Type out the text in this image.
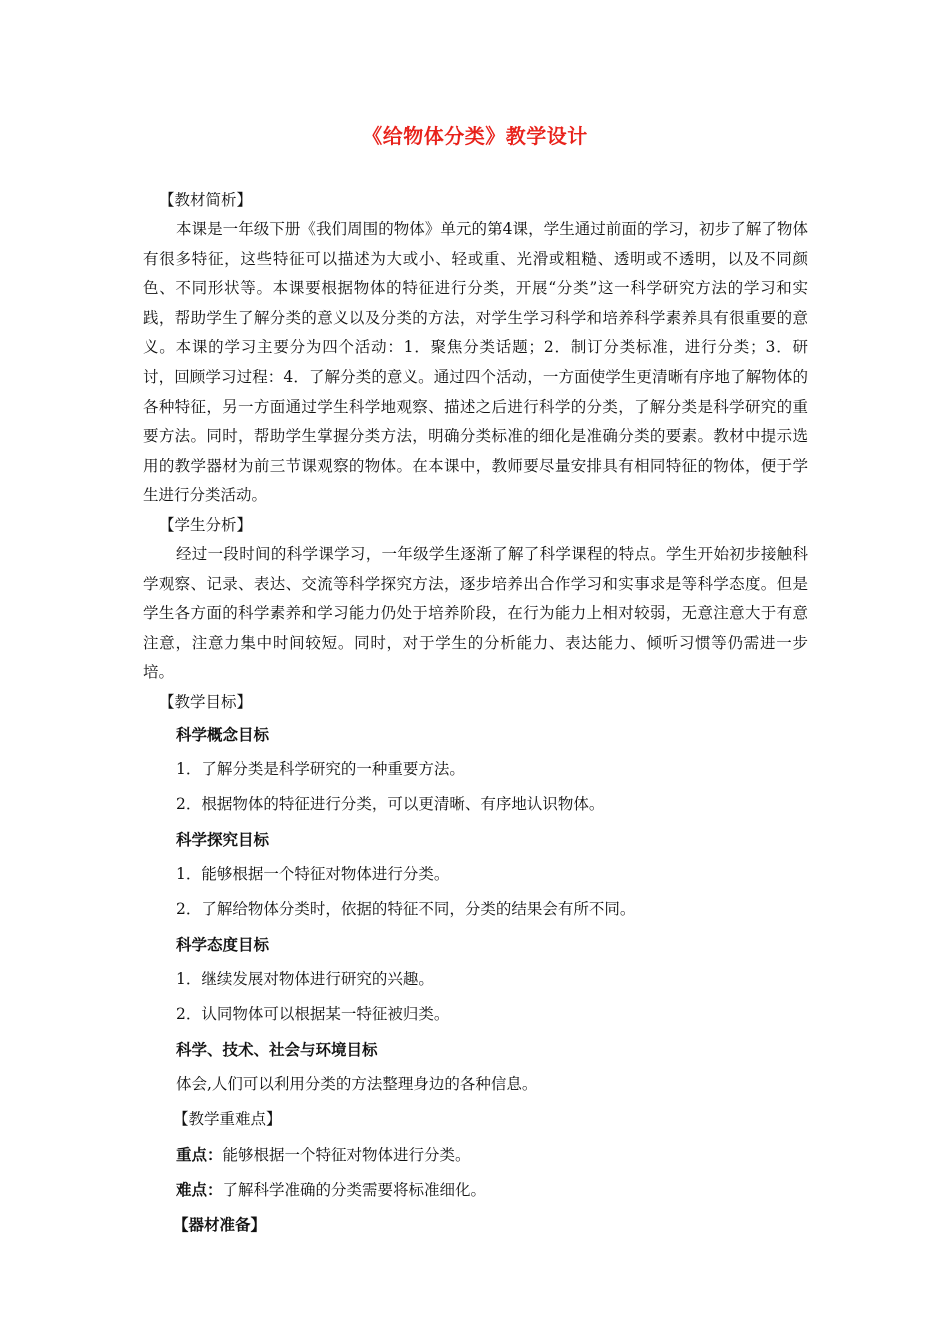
《给物体分类》教学设计

【教材简析】

本课是一年级下册《我们周围的物体》单元的第4课，学生通过前面的学习，初步了解了物体有很多特征，这些特征可以描述为大或小、轻或重、光滑或粗糙、透明或不透明，以及不同颜色、不同形状等。本课要根据物体的特征进行分类，开展“分类”这一科学研究方法的学习和实践，帮助学生了解分类的意义以及分类的方法，对学生学习科学和培养科学素养具有很重要的意义。本课的学习主要分为四个活动：1．聚焦分类话题；2．制订分类标准，进行分类；3．研讨，回顾学习过程：4．了解分类的意义。通过四个活动，一方面使学生更清晰有序地了解物体的各种特征，另一方面通过学生科学地观察、描述之后进行科学的分类，了解分类是科学研究的重要方法。同时，帮助学生掌握分类方法，明确分类标准的细化是准确分类的要素。教材中提示选用的教学器材为前三节课观察的物体。在本课中，教师要尽量安排具有相同特征的物体，便于学生进行分类活动。

【学生分析】

经过一段时间的科学课学习，一年级学生逐渐了解了科学课程的特点。学生开始初步接触科学观察、记录、表达、交流等科学探究方法，逐步培养出合作学习和实事求是等科学态度。但是学生各方面的科学素养和学习能力仍处于培养阶段，在行为能力上相对较弱，无意注意大于有意注意，注意力集中时间较短。同时，对于学生的分析能力、表达能力、倾听习惯等仍需进一步培。

【教学目标】

科学概念目标

1．了解分类是科学研究的一种重要方法。

2．根据物体的特征进行分类，可以更清晰、有序地认识物体。

科学探究目标

1．能够根据一个特征对物体进行分类。

2．了解给物体分类时，依据的特征不同，分类的结果会有所不同。

科学态度目标

1．继续发展对物体进行研究的兴趣。

2．认同物体可以根据某一特征被归类。

科学、技术、社会与环境目标

体会,人们可以利用分类的方法整理身边的各种信息。

【教学重难点】

重点：能够根据一个特征对物体进行分类。

难点：了解科学准确的分类需要将标准细化。

【器材准备】
